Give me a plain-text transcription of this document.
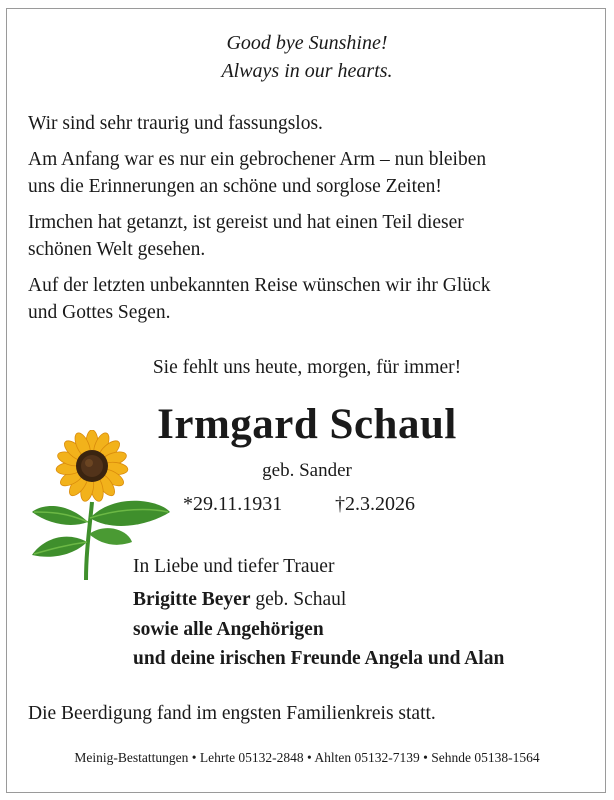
Good bye Sunshine!
Always in our hearts.
Wir sind sehr traurig und fassungslos.
Am Anfang war es nur ein gebrochener Arm – nun bleiben
uns die Erinnerungen an schöne und sorglose Zeiten!
Irmchen hat getanzt, ist gereist und hat einen Teil dieser
schönen Welt gesehen.
Auf der letzten unbekannten Reise wünschen wir ihr Glück
und Gottes Segen.
Sie fehlt uns heute, morgen, für immer!
Irmgard Schaul
geb. Sander
*29.11.1931	†2.3.2026
In Liebe und tiefer Trauer
Brigitte Beyer geb. Schaul
sowie alle Angehörigen
und deine irischen Freunde Angela und Alan
Die Beerdigung fand im engsten Familienkreis statt.
Meinig-Bestattungen • Lehrte 05132-2848 • Ahlten 05132-7139 • Sehnde 05138-1564
